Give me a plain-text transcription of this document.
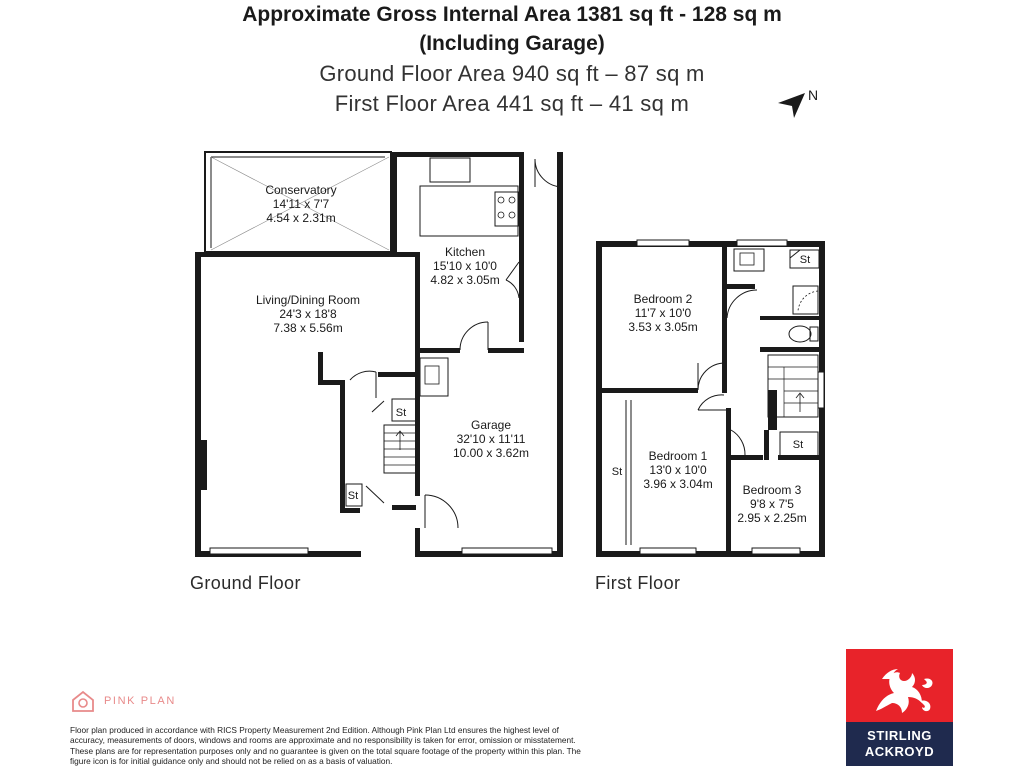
Approximate Gross Internal Area 1381 sq ft - 128 sq m
(Including Garage)
Ground Floor Area 940 sq ft – 87 sq m
First Floor Area 441 sq ft – 41 sq m	N
Conservatory
14'11 x 7'7
4.54 x 2.31m
Kitchen
15'10 x 10'0
4.82 x 3.05m
Living/Dining Room
24'3 x 18'8
7.38 x 5.56m
Garage
32'10 x 11'11
10.00 x 3.62m
St
St
Bedroom 2
11'7 x 10'0
3.53 x 3.05m
Bedroom 1
13'0 x 10'0
3.96 x 3.04m Bedroom 3
9'8 x 7'5
2.95 x 2.25m
St
St
St
Ground Floor	First Floor
PINK PLAN
Floor plan produced in accordance with RICS Property Measurement 2nd Edition. Although Pink Plan Ltd ensures the highest level of accuracy, measurements of doors, windows and rooms are approximate and no responsibility is taken for error, omission or misstatement. These plans are for representation purposes only and no guarantee is given on the total square footage of the property within this plan. The figure icon is for initial guidance only and should not be relied on as a basis of valuation.
STIRLING
ACKROYD
